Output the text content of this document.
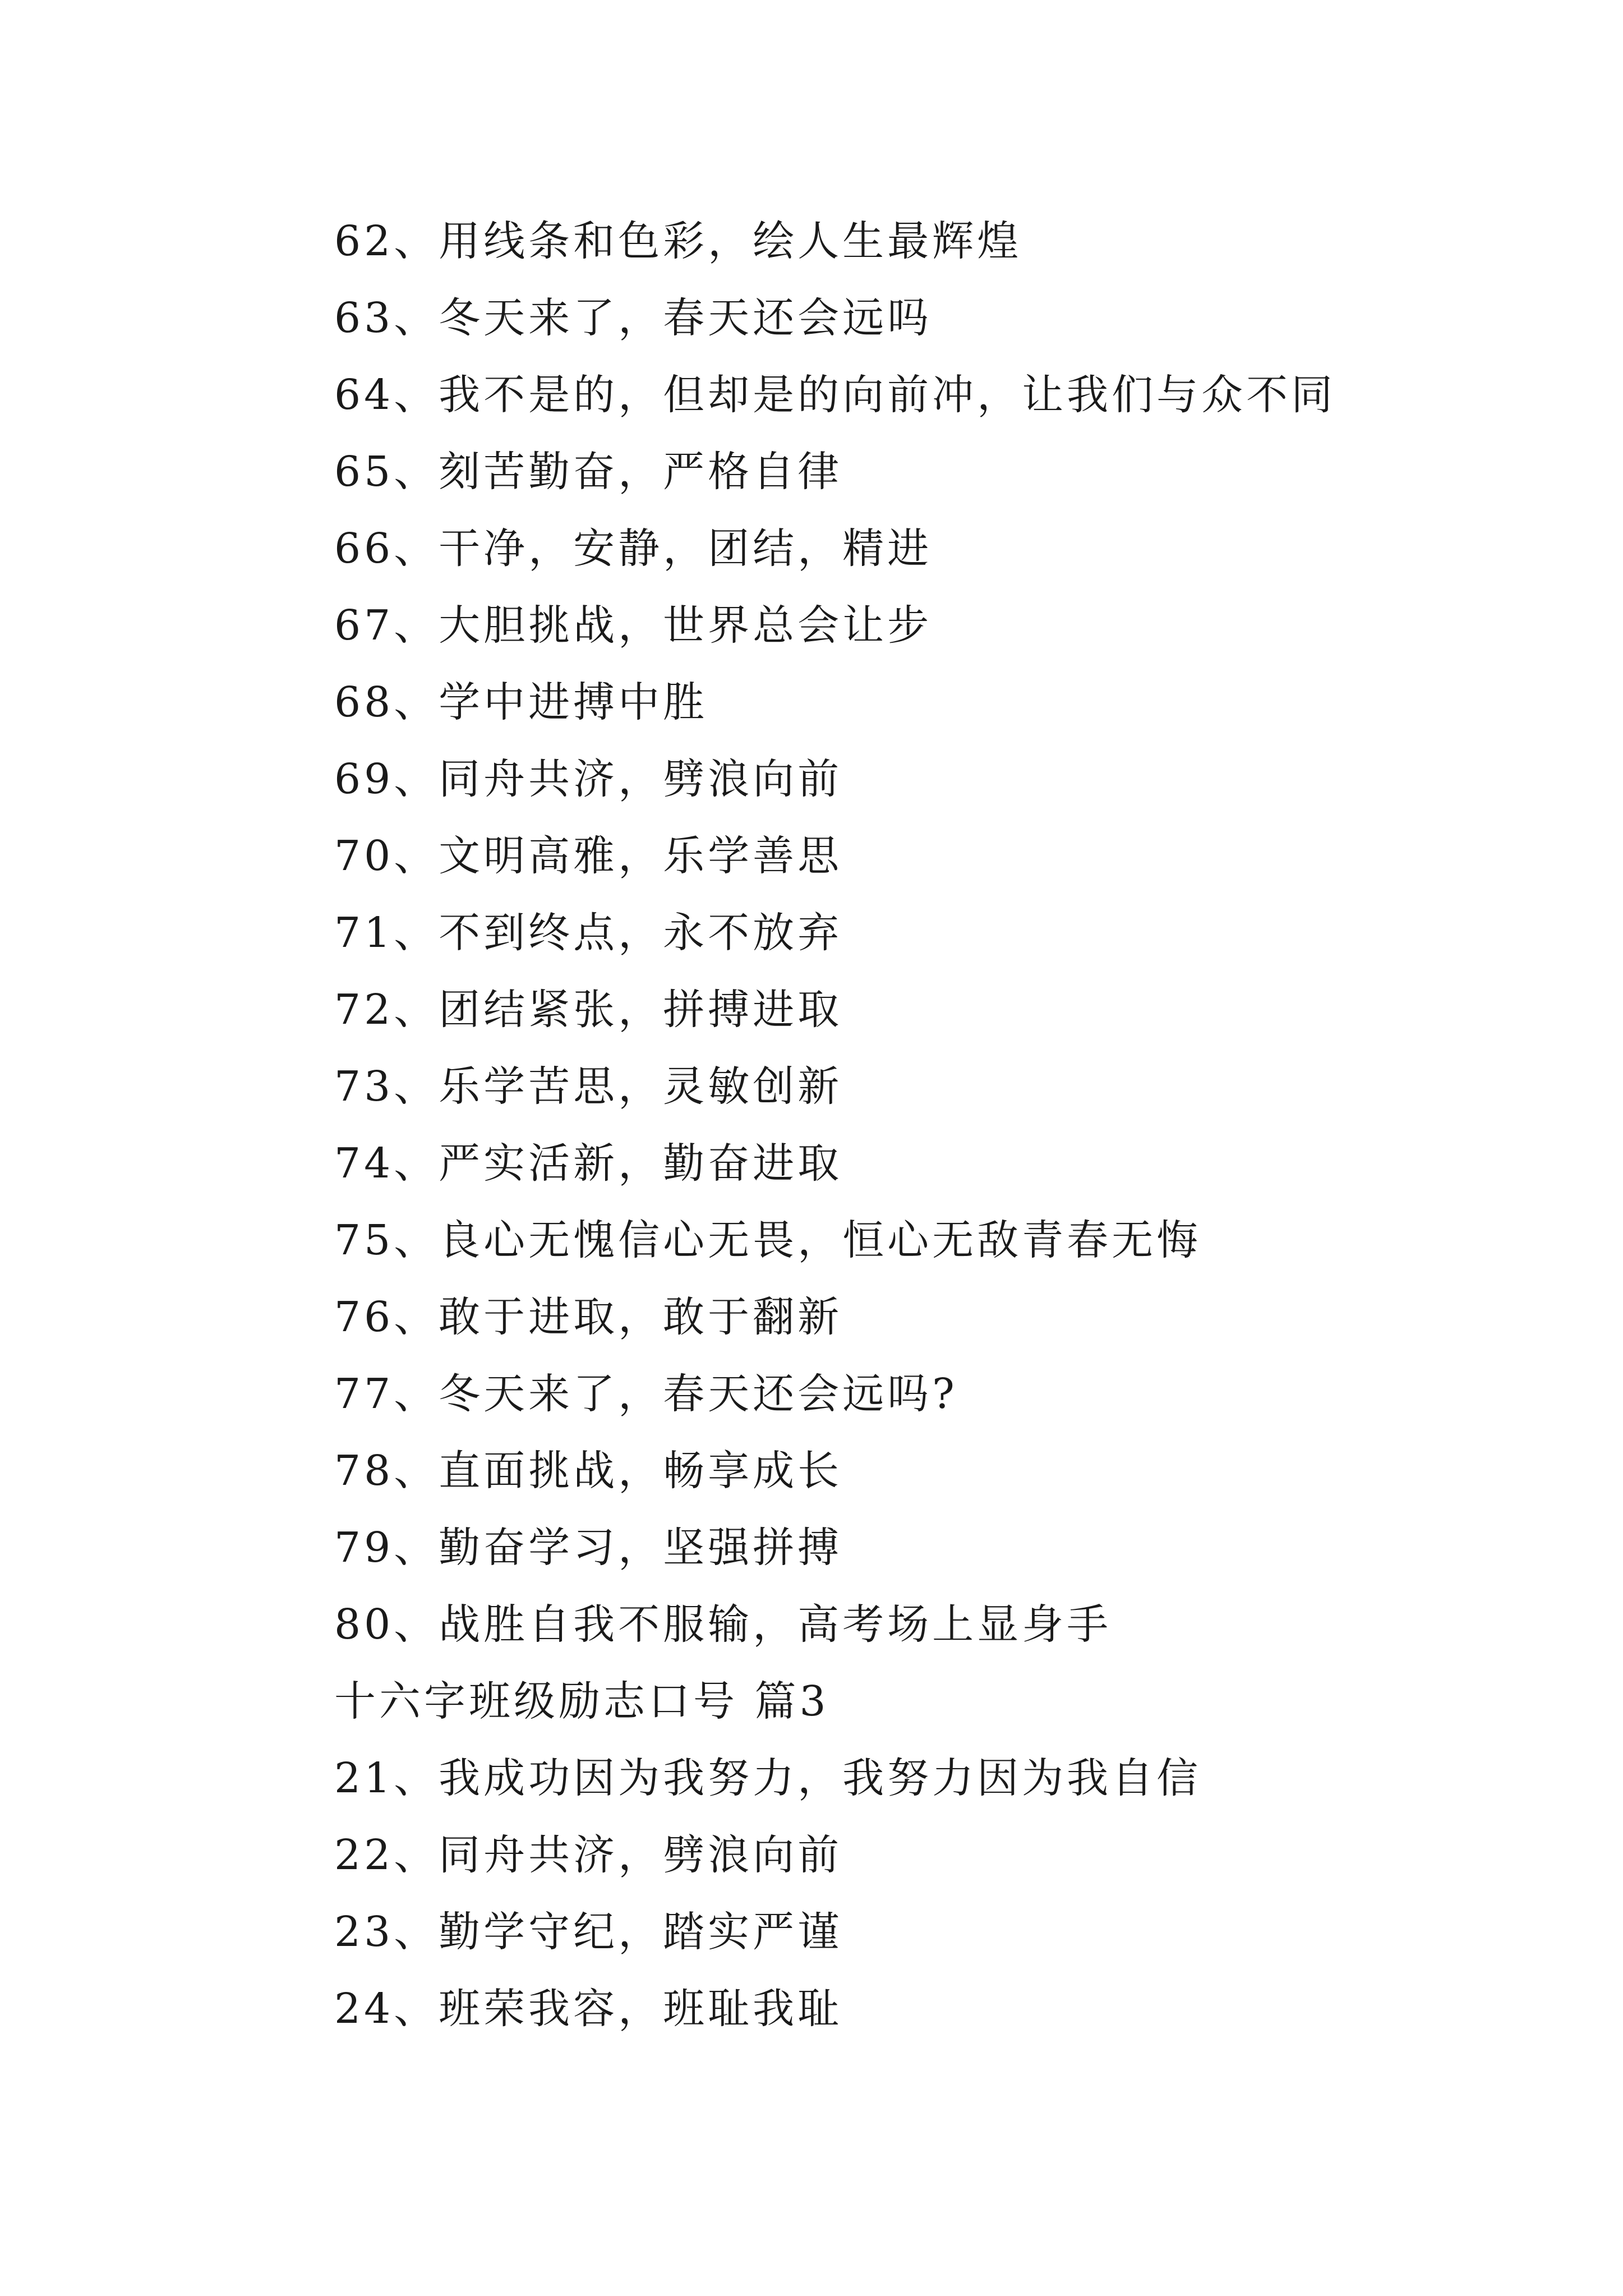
62、用线条和色彩，绘人生最辉煌
63、冬天来了，春天还会远吗
64、我不是的，但却是的向前冲，让我们与众不同
65、刻苦勤奋，严格自律
66、干净，安静，团结，精进
67、大胆挑战，世界总会让步
68、学中进搏中胜
69、同舟共济，劈浪向前
70、文明高雅，乐学善思
71、不到终点，永不放弃
72、团结紧张，拼搏进取
73、乐学苦思，灵敏创新
74、严实活新，勤奋进取
75、良心无愧信心无畏，恒心无敌青春无悔
76、敢于进取，敢于翻新
77、冬天来了，春天还会远吗?
78、直面挑战，畅享成长
79、勤奋学习，坚强拼搏
80、战胜自我不服输，高考场上显身手
十六字班级励志口号 篇3
21、我成功因为我努力，我努力因为我自信
22、同舟共济，劈浪向前
23、勤学守纪，踏实严谨
24、班荣我容，班耻我耻
